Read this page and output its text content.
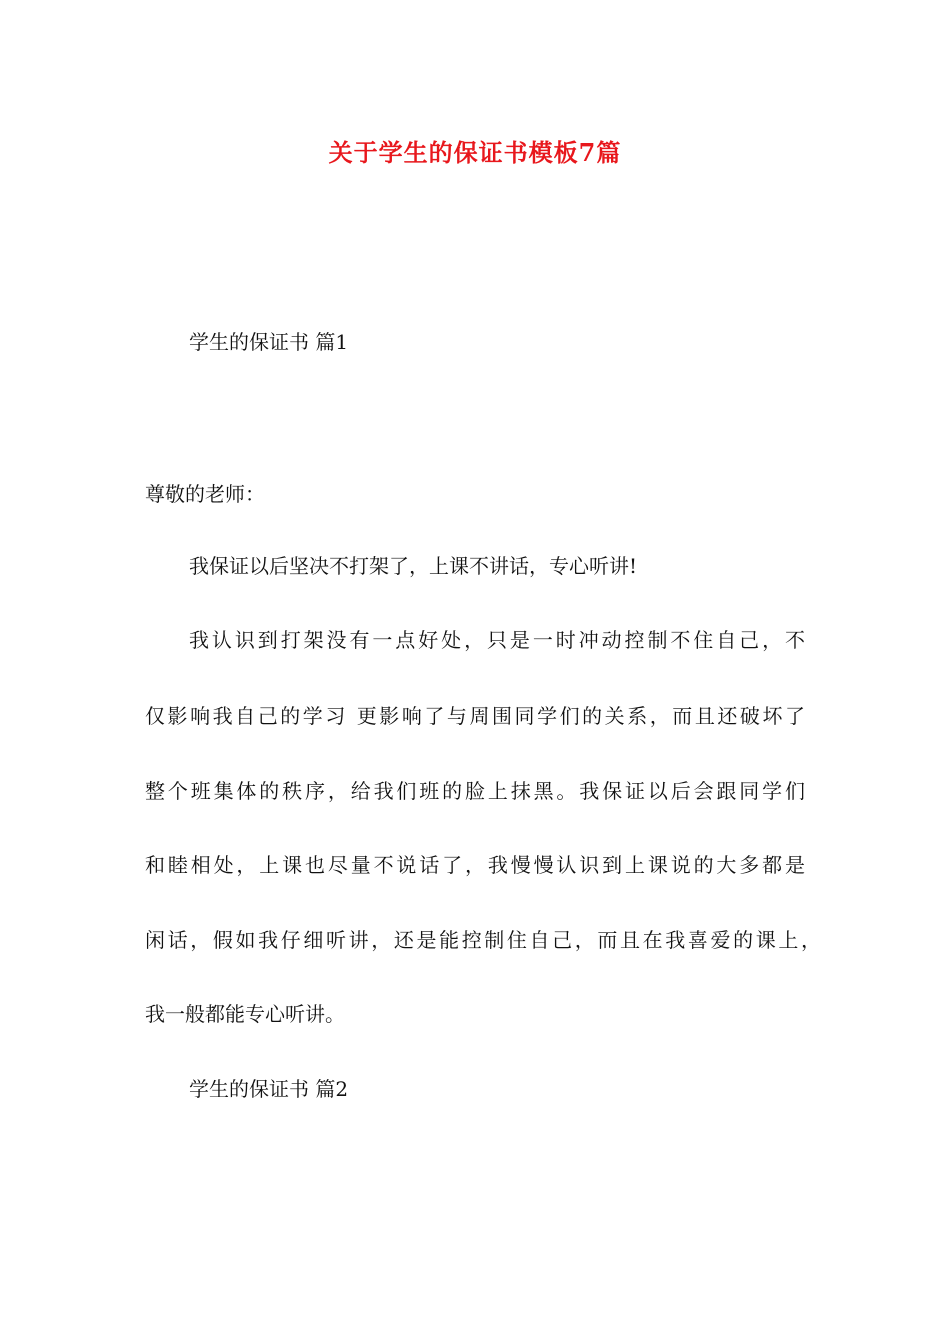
关于学生的保证书模板7篇
学生的保证书 篇1
尊敬的老师：
我保证以后坚决不打架了，上课不讲话，专心听讲!
我认识到打架没有一点好处，只是一时冲动控制不住自己，不
仅影响我自己的学习 更影响了与周围同学们的关系，而且还破坏了
整个班集体的秩序，给我们班的脸上抹黑。我保证以后会跟同学们
和睦相处，上课也尽量不说话了，我慢慢认识到上课说的大多都是
闲话，假如我仔细听讲，还是能控制住自己，而且在我喜爱的课上，
我一般都能专心听讲。
学生的保证书 篇2
